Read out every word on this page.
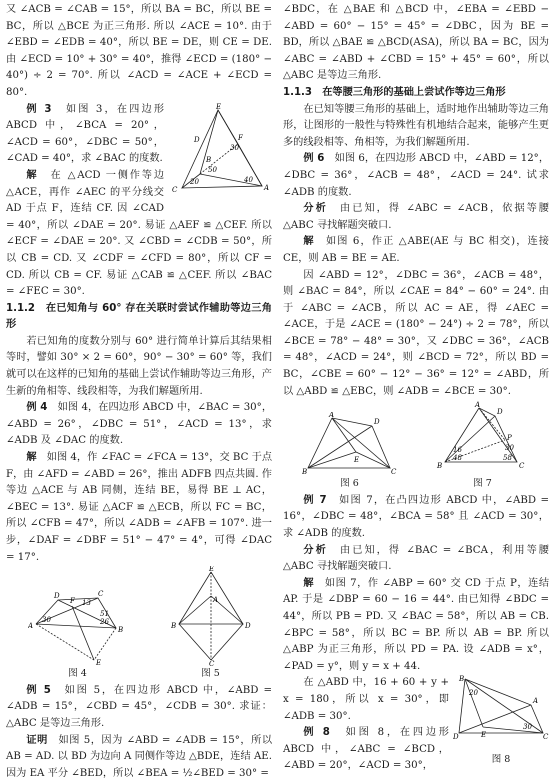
又 ∠ACB = ∠CAB = 15°，所以 BA = BC，所以 BE = BC，所以 △BCE 为正三角形. 所以 ∠ACE = 10°. 由于 ∠EBD = ∠EDB = 40°，所以 BE = DE，则 CE = DE. 由 ∠ECD = 10° + 30° = 40°，推得 ∠ECD = (180° − 40°) ÷ 2 = 70°. 所以 ∠ACD = ∠ACE + ∠ECD = 80°.

E
D	F
B
C	A
20	40
50
30

例 3　 如图 3，在四边形 ABCD 中，∠BCA = 20°，∠ACD = 60°，∠DBC = 50°，∠CAD = 40°，求 ∠BAC 的度数.

解　 在 △ACD 一侧作等边 △ACE，再作 ∠AEC 的平分线交 AD 于点 F，连结 CF. 因 ∠CAD = 40°，所以 ∠DAE = 20°. 易证 △AEF ≌ △CEF. 所以 ∠ECF = ∠DAE = 20°. 又 ∠CBD = ∠CDB = 50°，所以 CB = CD. 又 ∠CDF = ∠CFD = 80°，所以 CF = CD. 所以 CB = CF. 易证 △CAB ≌ △CEF. 所以 ∠BAC = ∠FEC = 30°.

1.1.2　在已知角与 60° 存在关联时尝试作辅助等边三角形

若已知角的度数分别与 60° 进行简单计算后其结果相等时，譬如 30° × 2 = 60°，90° − 30° = 60° 等，我们就可以在这样的已知角的基础上尝试作辅助等边三角形，产生新的角相等、线段相等，为我们解题所用.

例 4　 如图 4，在四边形 ABCD 中，∠BAC = 30°，∠ABD = 26°，∠DBC = 51°，∠ACD = 13°，求 ∠ADB 及 ∠DAC 的度数.

解　 如图 4，作 ∠FAC = ∠FCA = 13°，交 BC 于点 F，由 ∠AFD = ∠ABD = 26°，推出 ADFB 四点共圆. 作等边 △ACE 与 AB 同侧，连结 BE，易得 BE ⊥ AC，∠BEC = 13°. 易证 △ACF ≌ △ECB，所以 FC = BC，所以 ∠CFB = 47°，所以 ∠ADB = ∠AFB = 107°. 进一步，∠DAF = ∠DBF = 51° − 47° = 4°，可得 ∠DAC = 17°.

D
F
C
E
A	B
30	26
51
13
图 4
E
A
B	D
C
图 5

例 5　 如图 5，在四边形 ABCD 中，∠ABD = ∠ADB = 15°，∠CBD = 45°，∠CDB = 30°. 求证：△ABC 是等边三角形.

证明　 如图 5，因为 ∠ABD = ∠ADB = 15°，所以 AB = AD. 以 BD 为边向 A 同侧作等边 △BDE，连结 AE. 因为 EA 平分 ∠BED，所以 ∠BEA = ½∠BED = 30° =

∠BDC，在 △BAE 和 △BCD 中，∠EBA = ∠EBD − ∠ABD = 60° − 15° = 45° = ∠DBC，因为 BE = BD，所以 △BAE ≌ △BCD(ASA)，所以 BA = BC，因为 ∠ABC = ∠ABD + ∠CBD = 15° + 45° = 60°，所以 △ABC 是等边三角形.

1.1.3　在等腰三角形的基础上尝试作等边三角形

在已知等腰三角形的基础上，适时地作出辅助等边三角形，让图形的一般性与特殊性有机地结合起来，能够产生更多的线段相等、角相等，为我们解题所用.

例 6　 如图 6，在四边形 ABCD 中，∠ABD = 12°，∠DBC = 36°，∠ACB = 48°，∠ACD = 24°. 试求 ∠ADB 的度数.

分析　 由已知，得 ∠ABC = ∠ACB，依据等腰 △ABC 寻找解题突破口.

解　 如图 6，作正 △ABE(AE 与 BC 相交)，连接 CE，则 AB = BE = AE.

因 ∠ABD = 12°，∠DBC = 36°，∠ACB = 48°，则 ∠BAC = 84°，所以 ∠CAE = 84° − 60° = 24°. 由于 ∠ABC = ∠ACB，所以 AC = AE，得 ∠AEC = ∠ACE，于是 ∠ACE = (180° − 24°) ÷ 2 = 78°，所以 ∠BCE = 78° − 48° = 30°，又 ∠DBC = 36°，∠ACB = 48°，∠ACD = 24°，则 ∠BCD = 72°，所以 BD = BC，∠CBE = 60° − 12° − 36° = 12° = ∠ABD，所以 △ABD ≌ △EBC，则 ∠ADB = ∠BCE = 30°.

A
B	C
D
E
图 6
A
B	C
D
P
16
48	58
30
图 7

例 7　 如图 7，在凸四边形 ABCD 中，∠ABD = 16°，∠DBC = 48°，∠BCA = 58° 且 ∠ACD = 30°，求 ∠ADB 的度数.

分析　 由已知，得 ∠BAC = ∠BCA，利用等腰 △ABC 寻找解题突破口.

解　 如图 7，作 ∠ABP = 60° 交 CD 于点 P，连结 AP. 于是 ∠DBP = 60 − 16 = 44°. 由已知得 ∠BDC = 44°，所以 PB = PD. 又 ∠BAC = 58°，所以 AB = CB. ∠BPC = 58°，所以 BC = BP. 所以 AB = BP. 所以 △ABP 为正三角形，所以 PD = PA. 设 ∠ADB = x°，∠PAD = y°，则 y = x + 44.

B
A
D	E	C
20
30
图 8

在 △ABD 中，16 + 60 + y + x = 180，所以 x = 30°，即 ∠ADB = 30°.

例 8　 如图 8，在四边形 ABCD 中，∠ABC = ∠BCD，∠ABD = 20°，∠ACD = 30°，
